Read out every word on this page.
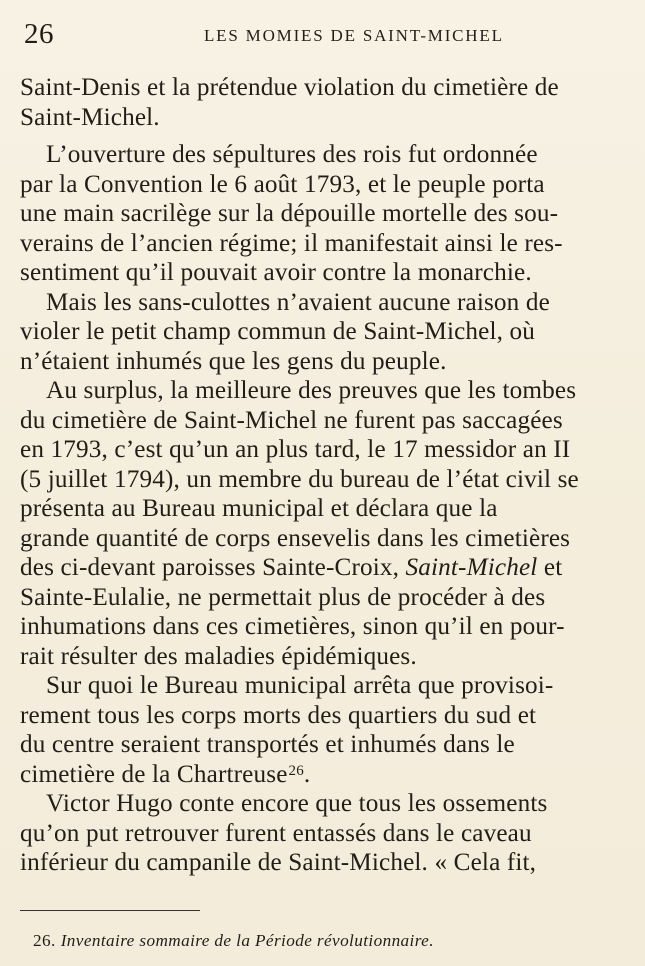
26	LES MOMIES DE SAINT-MICHEL
Saint-Denis et la prétendue violation du cimetière de
Saint-Michel.
L’ouverture des sépultures des rois fut ordonnée
par la Convention le 6 août 1793, et le peuple porta
une main sacrilège sur la dépouille mortelle des sou-
verains de l’ancien régime; il manifestait ainsi le res-
sentiment qu’il pouvait avoir contre la monarchie.
Mais les sans-culottes n’avaient aucune raison de
violer le petit champ commun de Saint-Michel, où
n’étaient inhumés que les gens du peuple.
Au surplus, la meilleure des preuves que les tombes
du cimetière de Saint-Michel ne furent pas saccagées
en 1793, c’est qu’un an plus tard, le 17 messidor an II
(5 juillet 1794), un membre du bureau de l’état civil se
présenta au Bureau municipal et déclara que la
grande quantité de corps ensevelis dans les cimetières
des ci-devant paroisses Sainte-Croix, Saint-Michel et
Sainte-Eulalie, ne permettait plus de procéder à des
inhumations dans ces cimetières, sinon qu’il en pour-
rait résulter des maladies épidémiques.
Sur quoi le Bureau municipal arrêta que provisoi-
rement tous les corps morts des quartiers du sud et
du centre seraient transportés et inhumés dans le
cimetière de la Chartreuse$^{26}$.
Victor Hugo conte encore que tous les ossements
qu’on put retrouver furent entassés dans le caveau
inférieur du campanile de Saint-Michel. « Cela fit,
26. Inventaire sommaire de la Période révolutionnaire.
